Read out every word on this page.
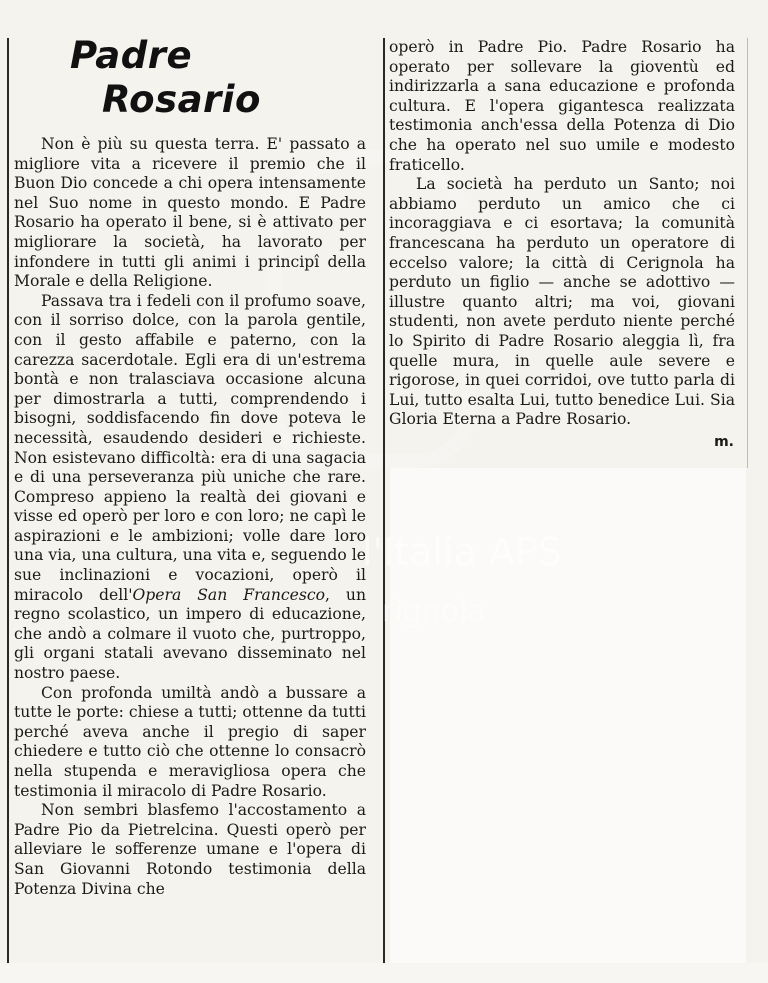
Padre
Rosario

Non è più su questa terra. E' passato a migliore vita a ricevere il premio che il Buon Dio concede a chi opera intensamente nel Suo nome in questo mondo. E Padre Rosario ha operato il bene, si è attivato per migliorare la società, ha lavorato per infondere in tutti gli animi i principî della Morale e della Religione.

Passava tra i fedeli con il profumo soave, con il sorriso dolce, con la parola gentile, con il gesto affabile e paterno, con la carezza sacerdotale. Egli era di un'estrema bontà e non tralasciava occasione alcuna per dimostrarla a tutti, comprendendo i bisogni, soddisfacendo fin dove poteva le necessità, esaudendo desideri e richieste. Non esistevano difficoltà: era di una sagacia e di una perseveranza più uniche che rare. Compreso appieno la realtà dei giovani e visse ed operò per loro e con loro; ne capì le aspirazioni e le ambizioni; volle dare loro una via, una cultura, una vita e, seguendo le sue inclinazioni e vocazioni, operò il miracolo dell'Opera San Francesco, un regno scolastico, un impero di educazione, che andò a colmare il vuoto che, purtroppo, gli organi statali avevano disseminato nel nostro paese.

Con profonda umiltà andò a bussare a tutte le porte: chiese a tutti; ottenne da tutti perché aveva anche il pregio di saper chiedere e tutto ciò che ottenne lo consacrò nella stupenda e meravigliosa opera che testimonia il miracolo di Padre Rosario.

Non sembri blasfemo l'accostamento a Padre Pio da Pietrelcina. Questi operò per alleviare le sofferenze umane e l'opera di San Giovanni Rotondo testimonia della Potenza Divina che

operò in Padre Pio. Padre Rosario ha operato per sollevare la gioventù ed indirizzarla a sana educazione e profonda cultura. E l'opera gigantesca realizzata testimonia anch'essa della Potenza di Dio che ha operato nel suo umile e modesto fraticello.

La società ha perduto un Santo; noi abbiamo perduto un amico che ci incoraggiava e ci esortava; la comunità francescana ha perduto un operatore di eccelso valore; la città di Cerignola ha perduto un figlio — anche se adottivo — illustre quanto altri; ma voi, giovani studenti, non avete perduto niente perché lo Spirito di Padre Rosario aleggia lì, fra quelle mura, in quelle aule severe e rigorose, in quei corridoi, ove tutto parla di Lui, tutto esalta Lui, tutto benedice Lui. Sia Gloria Eterna a Padre Rosario.

m.
l'Italia APS
rignola
